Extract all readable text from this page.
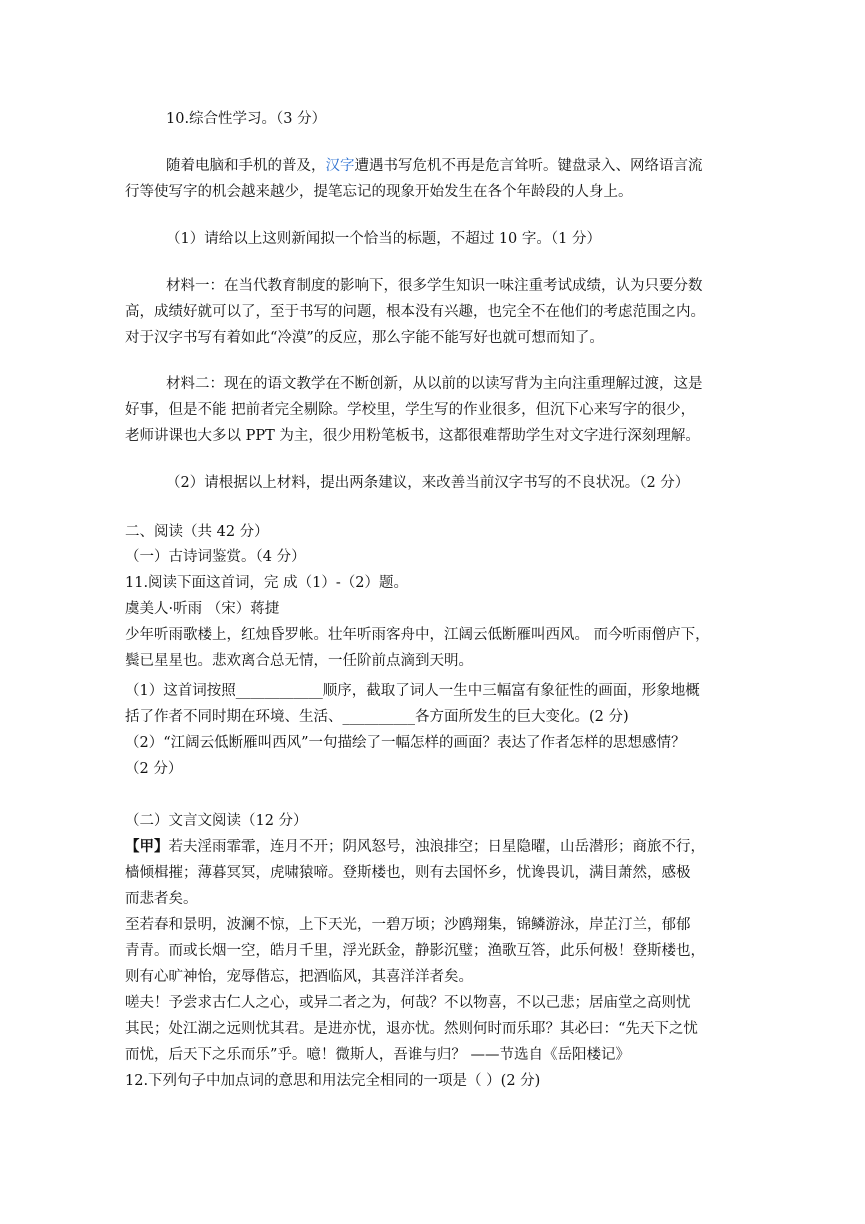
10.综合性学习。（3 分）
随着电脑和手机的普及，汉字遭遇书写危机不再是危言耸听。键盘录入、网络语言流
行等使写字的机会越来越少，提笔忘记的现象开始发生在各个年龄段的人身上。
（1）请给以上这则新闻拟一个恰当的标题，不超过 10 字。（1 分）
材料一：在当代教育制度的影响下，很多学生知识一味注重考试成绩，认为只要分数
高，成绩好就可以了，至于书写的问题，根本没有兴趣，也完全不在他们的考虑范围之内。
对于汉字书写有着如此“冷漠”的反应，那么字能不能写好也就可想而知了。
材料二：现在的语文教学在不断创新，从以前的以读写背为主向注重理解过渡，这是
好事，但是不能 把前者完全剔除。学校里，学生写的作业很多，但沉下心来写字的很少，
老师讲课也大多以 PPT 为主，很少用粉笔板书，这都很难帮助学生对文字进行深刻理解。
（2）请根据以上材料，提出两条建议，来改善当前汉字书写的不良状况。（2 分）
二、阅读（共 42 分）
（一）古诗词鉴赏。（4 分）
11.阅读下面这首词，完 成（1）-（2）题。
虞美人·听雨 （宋）蒋捷
少年听雨歌楼上，红烛昏罗帐。壮年听雨客舟中，江阔云低断雁叫西风。 而今听雨僧庐下，
鬓已星星也。悲欢离合总无情，一任阶前点滴到天明。
（1）这首词按照____________顺序，截取了词人一生中三幅富有象征性的画面，形象地概
括了作者不同时期在环境、生活、__________各方面所发生的巨大变化。(2 分)
（2）“江阔云低断雁叫西风”一句描绘了一幅怎样的画面？表达了作者怎样的思想感情？
（2 分）
（二）文言文阅读（12 分）
【甲】若夫淫雨霏霏，连月不开；阴风怒号，浊浪排空；日星隐曜，山岳潜形；商旅不行，
樯倾楫摧；薄暮冥冥，虎啸猿啼。登斯楼也，则有去国怀乡，忧谗畏讥，满目萧然，感极
而悲者矣。
至若春和景明，波澜不惊，上下天光，一碧万顷；沙鸥翔集，锦鳞游泳，岸芷汀兰，郁郁
青青。而或长烟一空，皓月千里，浮光跃金，静影沉璧；渔歌互答，此乐何极！登斯楼也，
则有心旷神怡，宠辱偕忘，把酒临风，其喜洋洋者矣。
嗟夫！予尝求古仁人之心，或异二者之为，何哉？不以物喜，不以己悲；居庙堂之高则忧
其民；处江湖之远则忧其君。是进亦忧，退亦忧。然则何时而乐耶？其必曰：“先天下之忧
而忧，后天下之乐而乐”乎。噫！微斯人，吾谁与归？ ——节选自《岳阳楼记》
12.下列句子中加点词的意思和用法完全相同的一项是（ ）(2 分)
